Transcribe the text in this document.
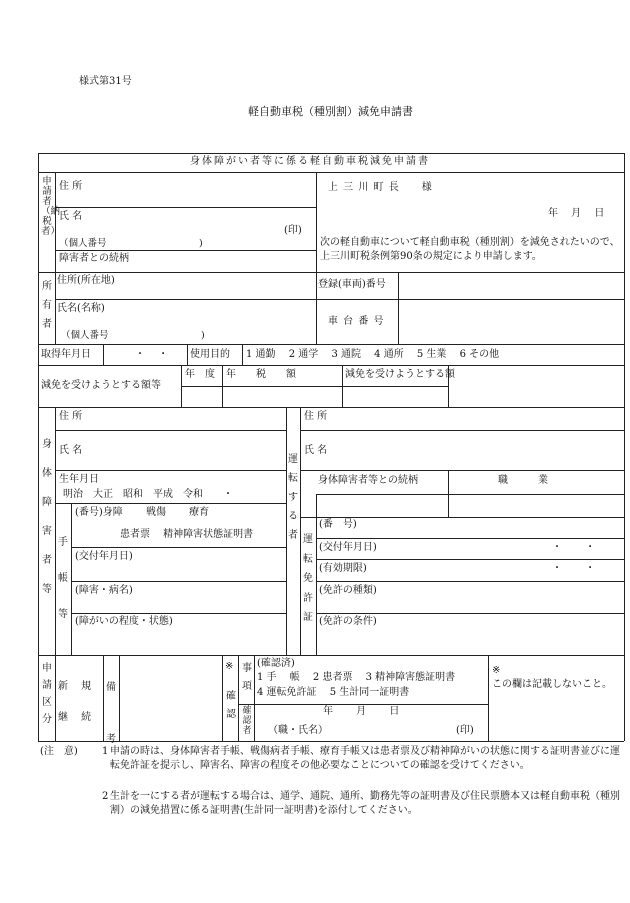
様式第31号
軽自動車税（種別割）減免申請書
身体障がい者等に係る軽自動車税減免申請書
申請者（納税者）
住 所
氏 名
(印)
（個人番号	)
障害者との続柄
上 三 川 町 長　　様
年　 月　 日
次の軽自動車について軽自動車税（種別割）を減免されたいので、上三川町税条例第90条の規定により申請します。
所有者
住所(所在地)
氏名(名称)
（個人番号	)
登録(車両)番号
車 台 番 号
取得年月日	・　 ・ 使用目的 1 通勤　 2 通学　 3 通院　 4 通所　 5 生業　 6 その他
減免を受けようとする額等
年　度 年　　税　　額	減免を受けようとする額
身体障害者等
住 所
氏 名
生年月日
明治　大正　昭和　平成　令和　　・
手帳等
(番号)身障　　 戦傷　　 療育
患者票　 精神障害状態証明書
(交付年月日)
(障害・病名)
(障がいの程度・状態)
運転する者
住 所
氏 名
身体障害者等との続柄	職　　　業
運転免許証
(番　号)
(交付年月日)	・　　 ・
(有効期限)	・　　 ・
(免許の種類)
(免許の条件)
申請区分
新　 規
継　 続
備考
※
確認
事項
(確認済)
1 手　 帳　 2 患者票　 3 精神障害態証明書
4 運転免許証　 5 生計同一証明書
確認者
年　　 月　　 日
（職・氏名）	(印)
※
この欄は記載しないこと。
(注　意) 1 申請の時は、身体障害者手帳、戦傷病者手帳、療育手帳又は患者票及び精神障がいの状態に関する証明書並びに運転免許証を提示し、障害名、障害の程度その他必要なことについての確認を受けてください。
2 生計を一にする者が運転する場合は、通学、通院、通所、勤務先等の証明書及び住民票謄本又は軽自動車税（種別割）の減免措置に係る証明書(生計同一証明書)を添付してください。
